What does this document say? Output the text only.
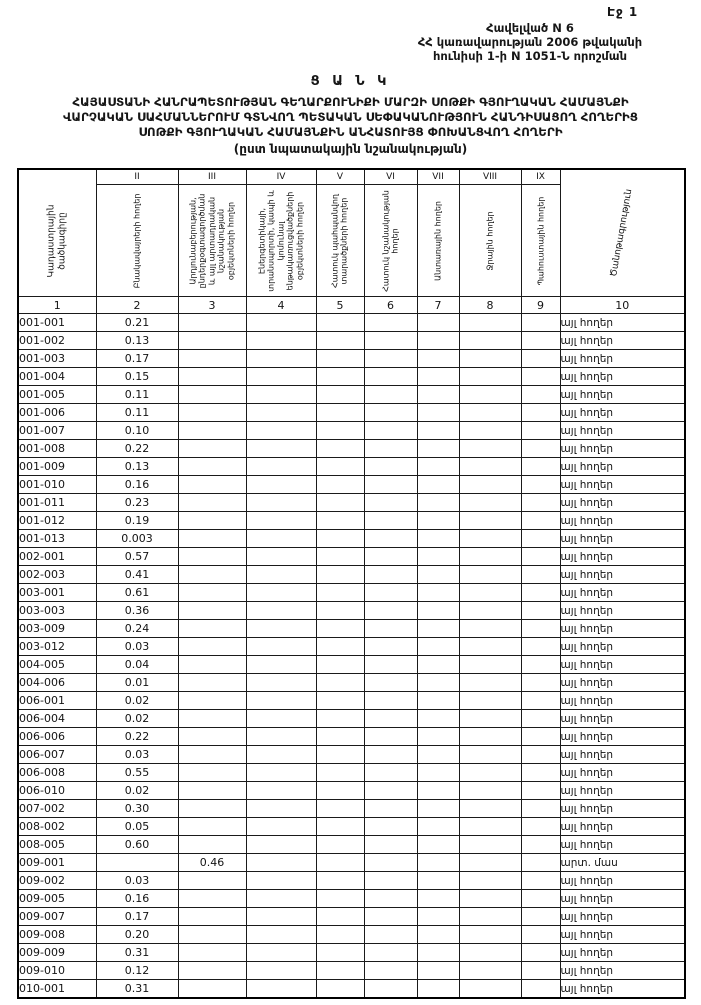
Էջ 1
Հավելված N 6
ՀՀ կառավարության 2006 թվականի
հունիսի 1-ի N 1051-Ն որոշման
Ց Ա Ն Կ
ՀԱՅԱՍՏԱՆԻ ՀԱՆՐԱՊԵՏՈՒԹՅԱՆ ԳԵՂԱՐՔՈՒՆԻՔԻ ՄԱՐԶԻ ՍՈԹՔԻ ԳՅՈՒՂԱԿԱՆ ՀԱՄԱՅՆՔԻ
ՎԱՐՉԱԿԱՆ ՍԱՀՄԱՆՆԵՐՈՒՄ ԳՏՆՎՈՂ ՊԵՏԱԿԱՆ ՍԵՓԱԿԱՆՈՒԹՅՈՒՆ ՀԱՆԴԻՍԱՑՈՂ ՀՈՂԵՐԻՑ
ՍՈԹՔԻ ԳՅՈՒՂԱԿԱՆ ՀԱՄԱՅՆՔԻՆ ԱՆՀԱՏՈՒՅՑ ՓՈԽԱՆՑՎՈՂ ՀՈՂԵՐԻ
(ըստ նպատակային նշանակության)
Կադաստրային ծածկագիրը	II	III	IV	V	VI	VII	VIII	IX	Ծանոթագրություն

	Բնակավայրերի հողեր	Արդյունաբերության, ընդերքօգտագործման և այլ արտադրական նշանակության օբյեկտների հողեր	Էներգետիկայի, տրանսպորտի, կապի և կոմունալ ենթակառուցվածքների օբյեկտների հողեր	Հատուկ պահպանվող տարածքների հողեր	Հատուկ նշանակության հողեր	Անտառային հողեր	Ջրային հողեր	Պահուստային հողեր	

1	2	3	4	5	6	7	8	9	10
001-001	0.21								այլ հողեր
001-002	0.13								այլ հողեր
001-003	0.17								այլ հողեր
001-004	0.15								այլ հողեր
001-005	0.11								այլ հողեր
001-006	0.11								այլ հողեր
001-007	0.10								այլ հողեր
001-008	0.22								այլ հողեր
001-009	0.13								այլ հողեր
001-010	0.16								այլ հողեր
001-011	0.23								այլ հողեր
001-012	0.19								այլ հողեր
001-013	0.003								այլ հողեր
002-001	0.57								այլ հողեր
002-003	0.41								այլ հողեր
003-001	0.61								այլ հողեր
003-003	0.36								այլ հողեր
003-009	0.24								այլ հողեր
003-012	0.03								այլ հողեր
004-005	0.04								այլ հողեր
004-006	0.01								այլ հողեր
006-001	0.02								այլ հողեր
006-004	0.02								այլ հողեր
006-006	0.22								այլ հողեր
006-007	0.03								այլ հողեր
006-008	0.55								այլ հողեր
006-010	0.02								այլ հողեր
007-002	0.30								այլ հողեր
008-002	0.05								այլ հողեր
008-005	0.60								այլ հողեր
009-001		0.46							արտ. մաս
009-002	0.03								այլ հողեր
009-005	0.16								այլ հողեր
009-007	0.17								այլ հողեր
009-008	0.20								այլ հողեր
009-009	0.31								այլ հողեր
009-010	0.12								այլ հողեր
010-001	0.31								այլ հողեր
